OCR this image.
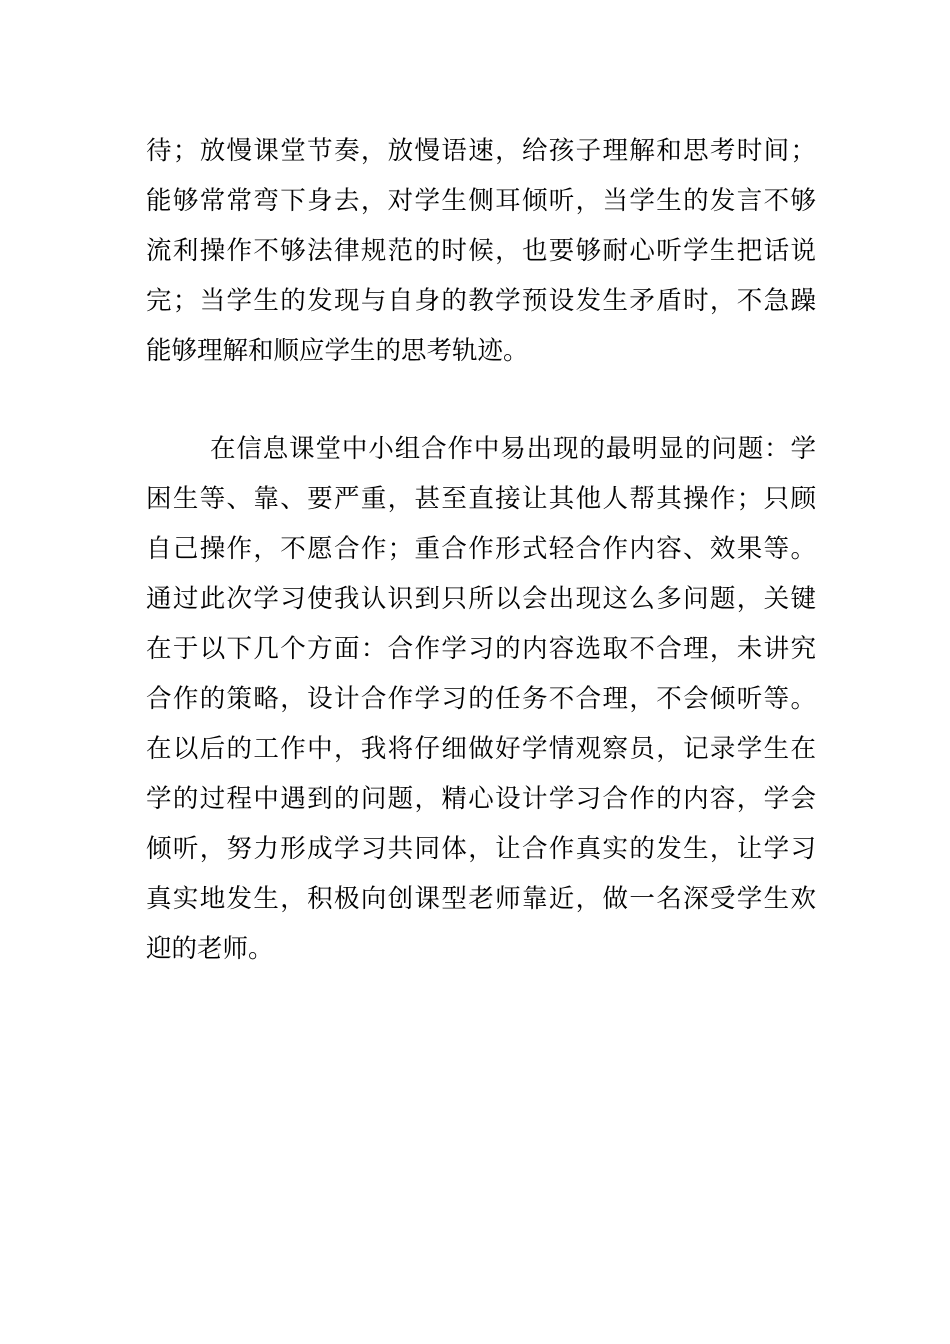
待；放慢课堂节奏，放慢语速，给孩子理解和思考时间；
能够常常弯下身去，对学生侧耳倾听，当学生的发言不够
流利操作不够法律规范的时候，也要够耐心听学生把话说
完；当学生的发现与自身的教学预设发生矛盾时，不急躁
能够理解和顺应学生的思考轨迹。
在信息课堂中小组合作中易出现的最明显的问题：学
困生等、靠、要严重，甚至直接让其他人帮其操作；只顾
自己操作，不愿合作；重合作形式轻合作内容、效果等。
通过此次学习使我认识到只所以会出现这么多问题，关键
在于以下几个方面：合作学习的内容选取不合理，未讲究
合作的策略，设计合作学习的任务不合理，不会倾听等。
在以后的工作中，我将仔细做好学情观察员，记录学生在
学的过程中遇到的问题，精心设计学习合作的内容，学会
倾听，努力形成学习共同体，让合作真实的发生，让学习
真实地发生，积极向创课型老师靠近，做一名深受学生欢
迎的老师。
